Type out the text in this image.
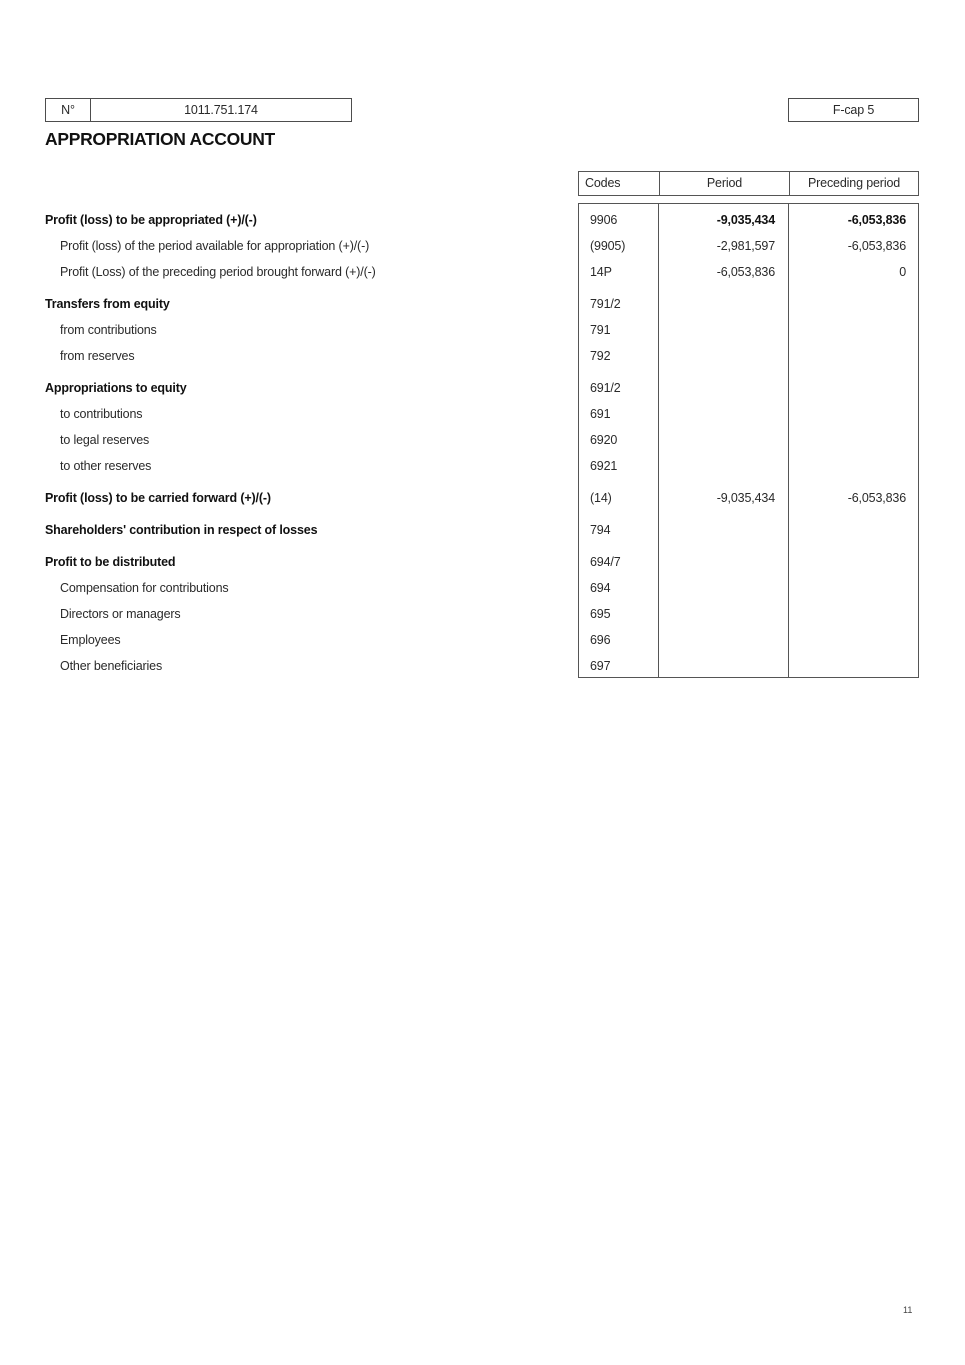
N°	1011.751.174	F-cap 5
APPROPRIATION ACCOUNT
Codes	Period	Preceding period
Profit (loss) to be appropriated (+)/(-)	9906	-9,035,434	-6,053,836
Profit (loss) of the period available for appropriation (+)/(-)	(9905)	-2,981,597	-6,053,836
Profit (Loss) of the preceding period brought forward (+)/(-)	14P	-6,053,836	0
Transfers from equity	791/2
from contributions	791
from reserves	792
Appropriations to equity	691/2
to contributions	691
to legal reserves	6920
to other reserves	6921
Profit (loss) to be carried forward (+)/(-)	(14)	-9,035,434	-6,053,836
Shareholders' contribution in respect of losses	794
Profit to be distributed	694/7
Compensation for contributions	694
Directors or managers	695
Employees	696
Other beneficiaries	697
11
